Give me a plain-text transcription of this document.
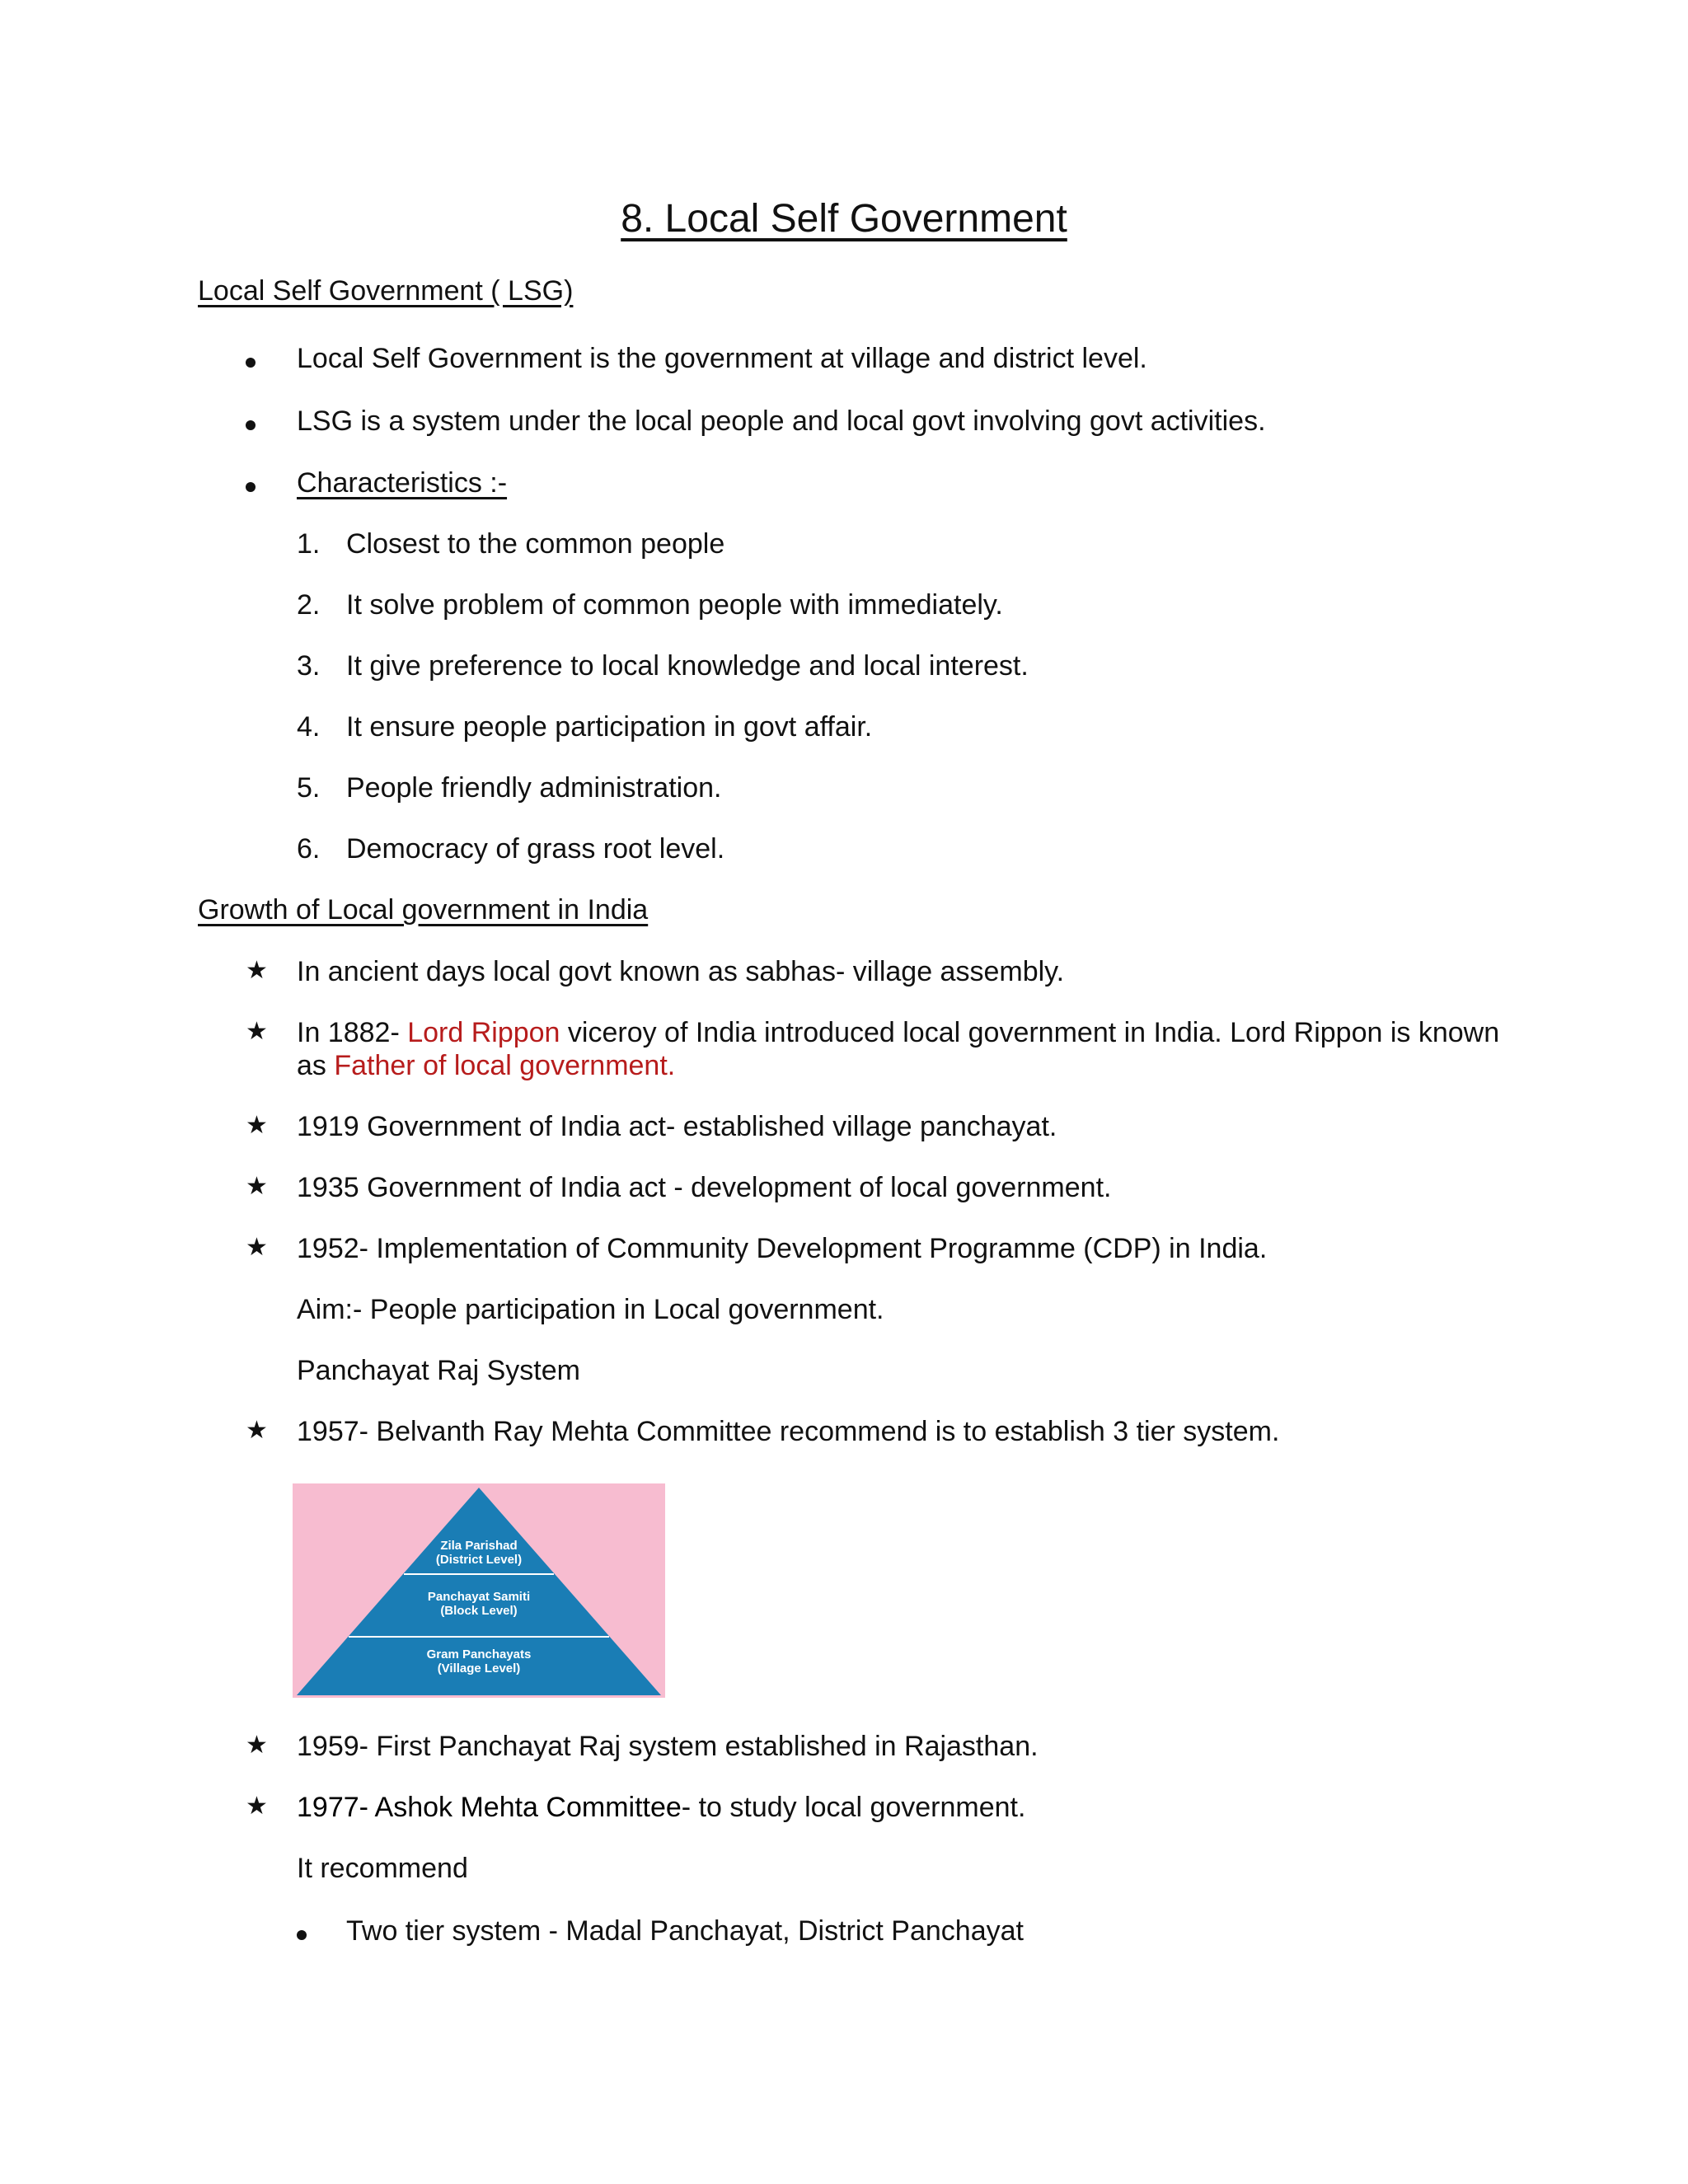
8. Local Self Government
Local Self Government ( LSG)
Local Self Government is the government at village and district level.
LSG is a system under the local people and local govt involving govt activities.
Characteristics :-
1. Closest to the common people
2. It solve problem of common people with immediately.
3. It give preference to local knowledge and local interest.
4. It ensure people participation in govt affair.
5. People friendly administration.
6. Democracy of grass root level.
Growth of Local government in India
★ In ancient days local govt known as sabhas- village assembly.
★ In 1882- Lord Rippon viceroy of India introduced local government in India. Lord Rippon is known
as Father of local government.
★ 1919 Government of India act- established village panchayat.
★ 1935 Government of India act - development of local government.
★ 1952- Implementation of Community Development Programme (CDP) in India.
Aim:- People participation in Local government.
Panchayat Raj System
★ 1957- Belvanth Ray Mehta Committee recommend is to establish 3 tier system.
Zila Parishad
(District Level)
Panchayat Samiti
(Block Level)
Gram Panchayats
(Village Level)
★ 1959- First Panchayat Raj system established in Rajasthan.
★ 1977- Ashok Mehta Committee- to study local government.
It recommend
Two tier system - Madal Panchayat, District Panchayat
